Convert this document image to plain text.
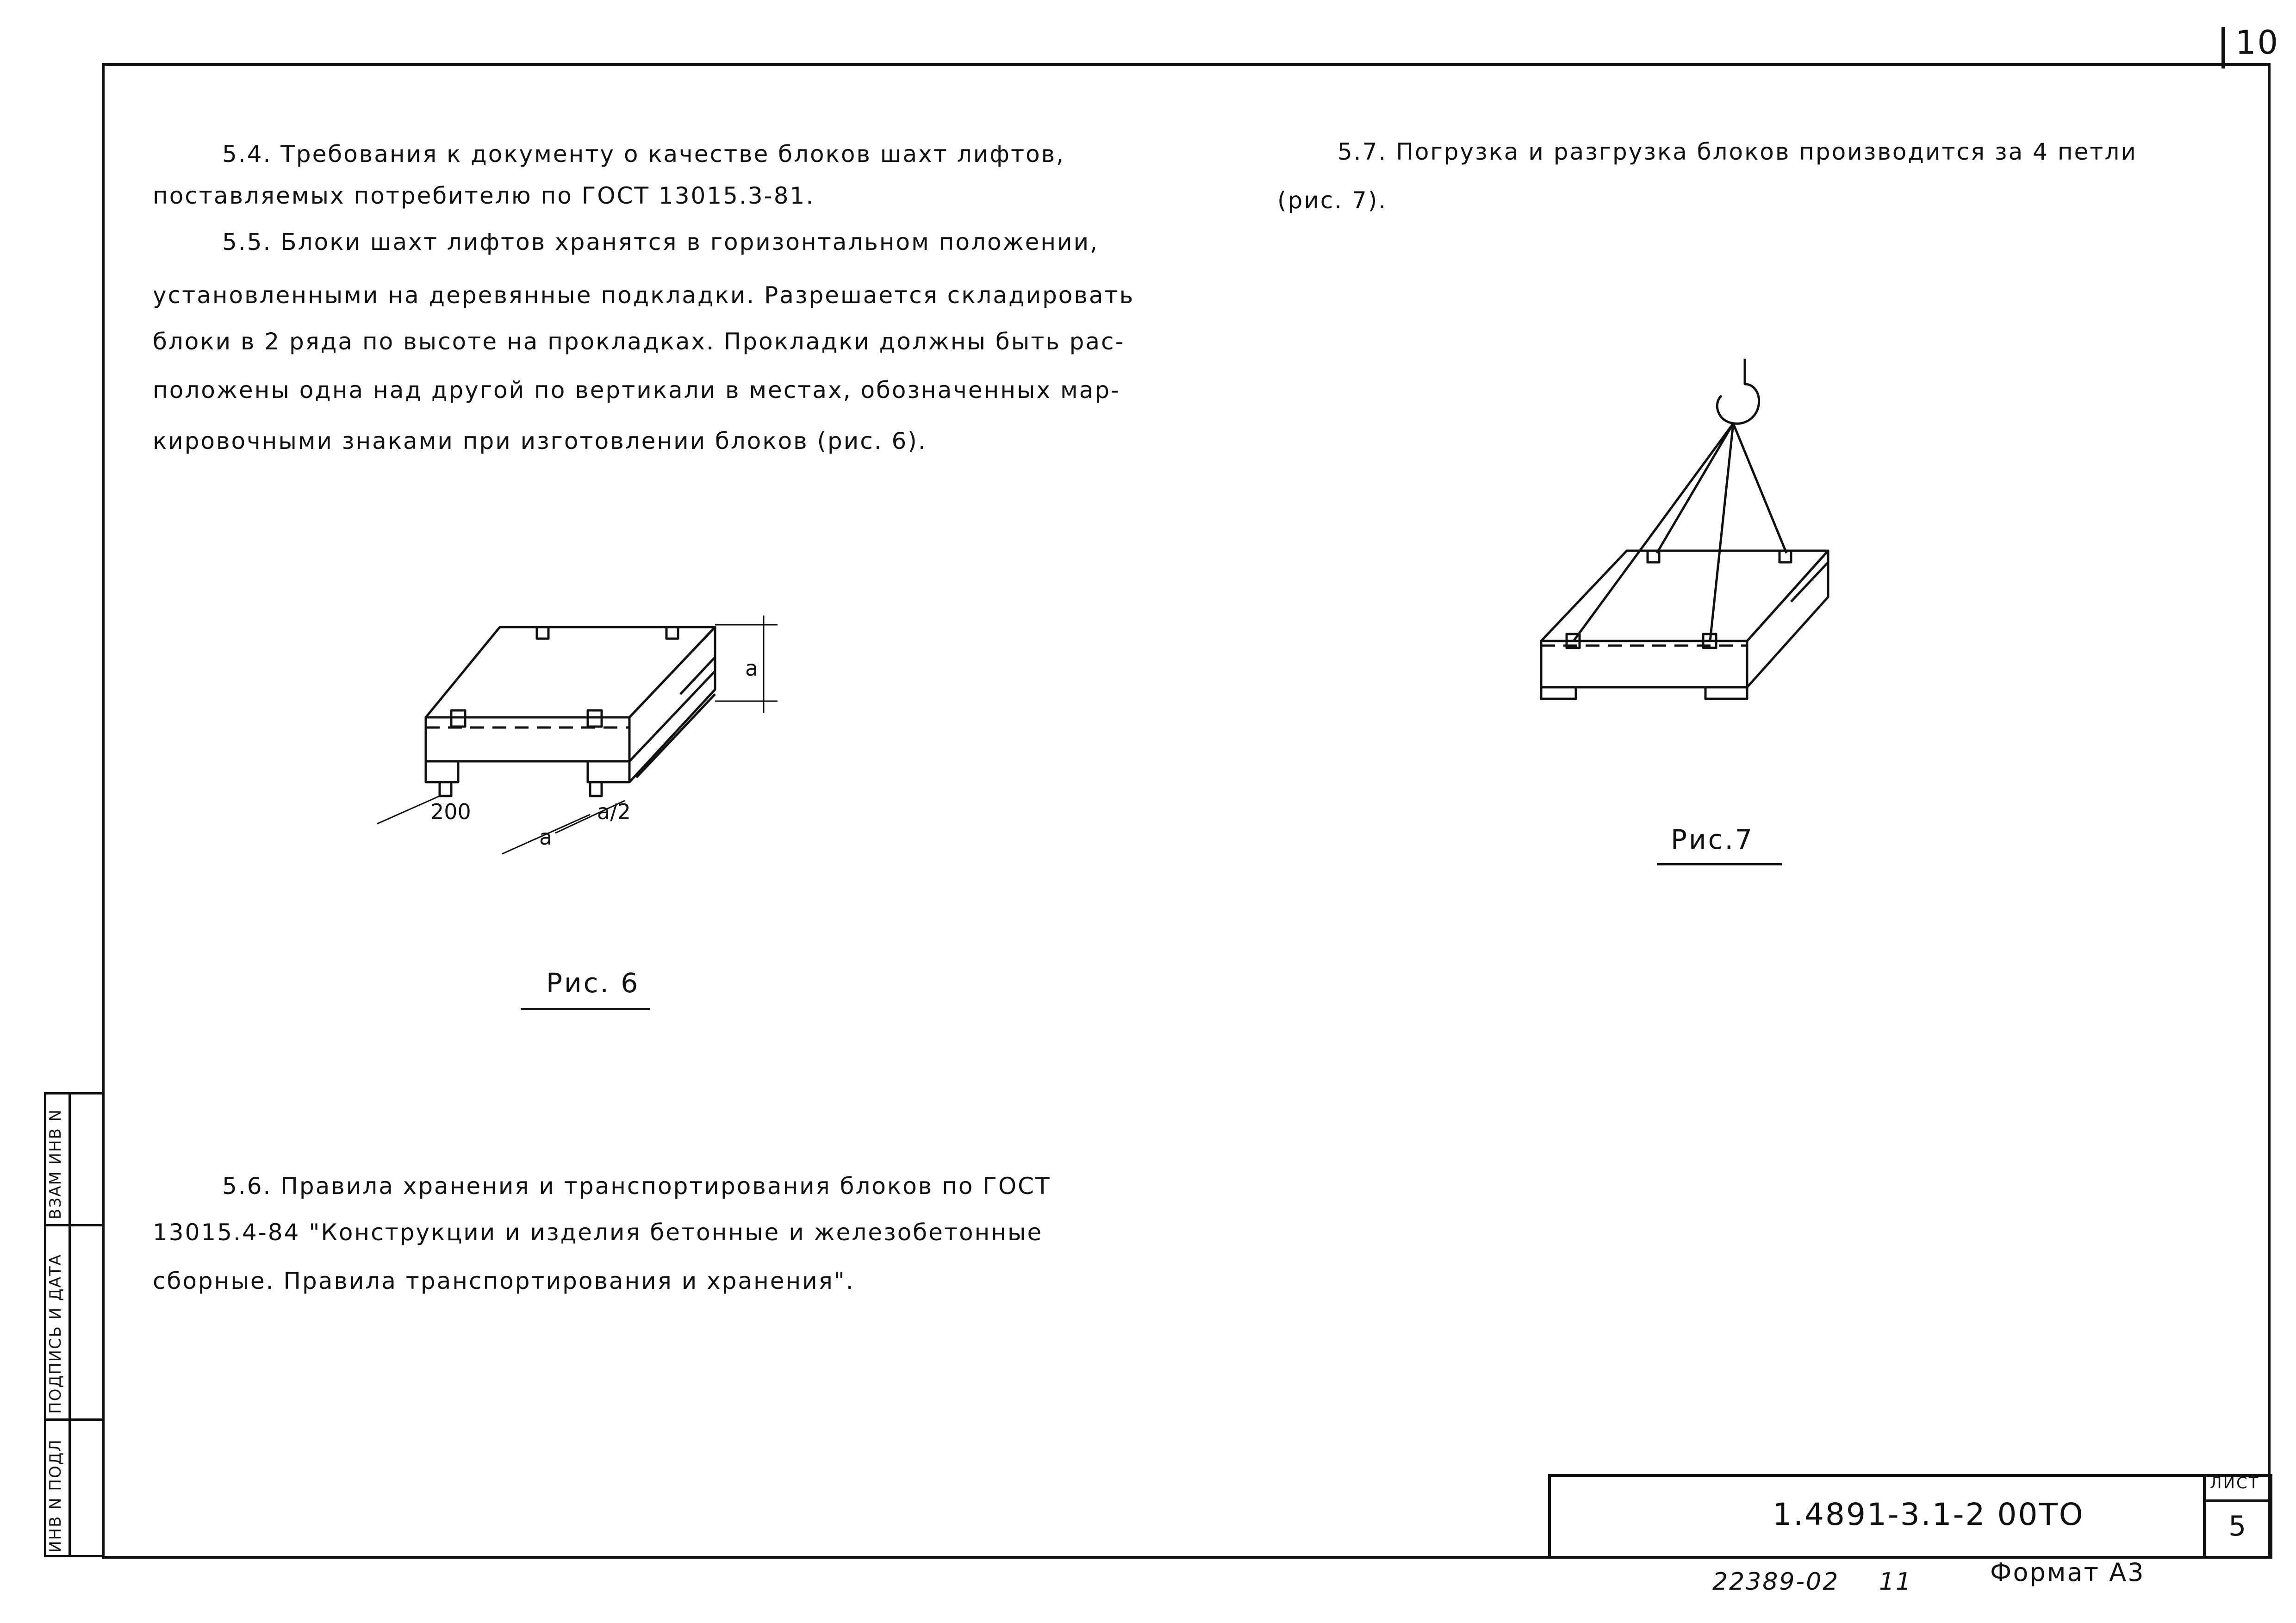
10
5.4. Требования к документу о качестве блоков шахт лифтов,
поставляемых потребителю по ГОСТ 13015.3-81.
5.5. Блоки шахт лифтов хранятся в горизонтальном положении,
установленными на деревянные подкладки. Разрешается складировать
блоки в 2 ряда по высоте на прокладках. Прокладки должны быть рас-
положены одна над другой по вертикали в местах, обозначенных мар-
кировочными знаками при изготовлении блоков (рис. 6).
5.7. Погрузка и разгрузка блоков производится за 4 петли
(рис. 7).
5.6. Правила хранения и транспортирования блоков по ГОСТ
13015.4-84 "Конструкции и изделия бетонные и железобетонные
сборные. Правила транспортирования и хранения".
200
a
a/2
a
Рис. 6
Рис.7
ВЗАМ ИНВ N
ПОДПИСЬ И ДАТА
ИНВ N ПОДЛ	1.4891-3.1-2 00ТО
ЛИСТ
5
22389-02 11	Формат А3
